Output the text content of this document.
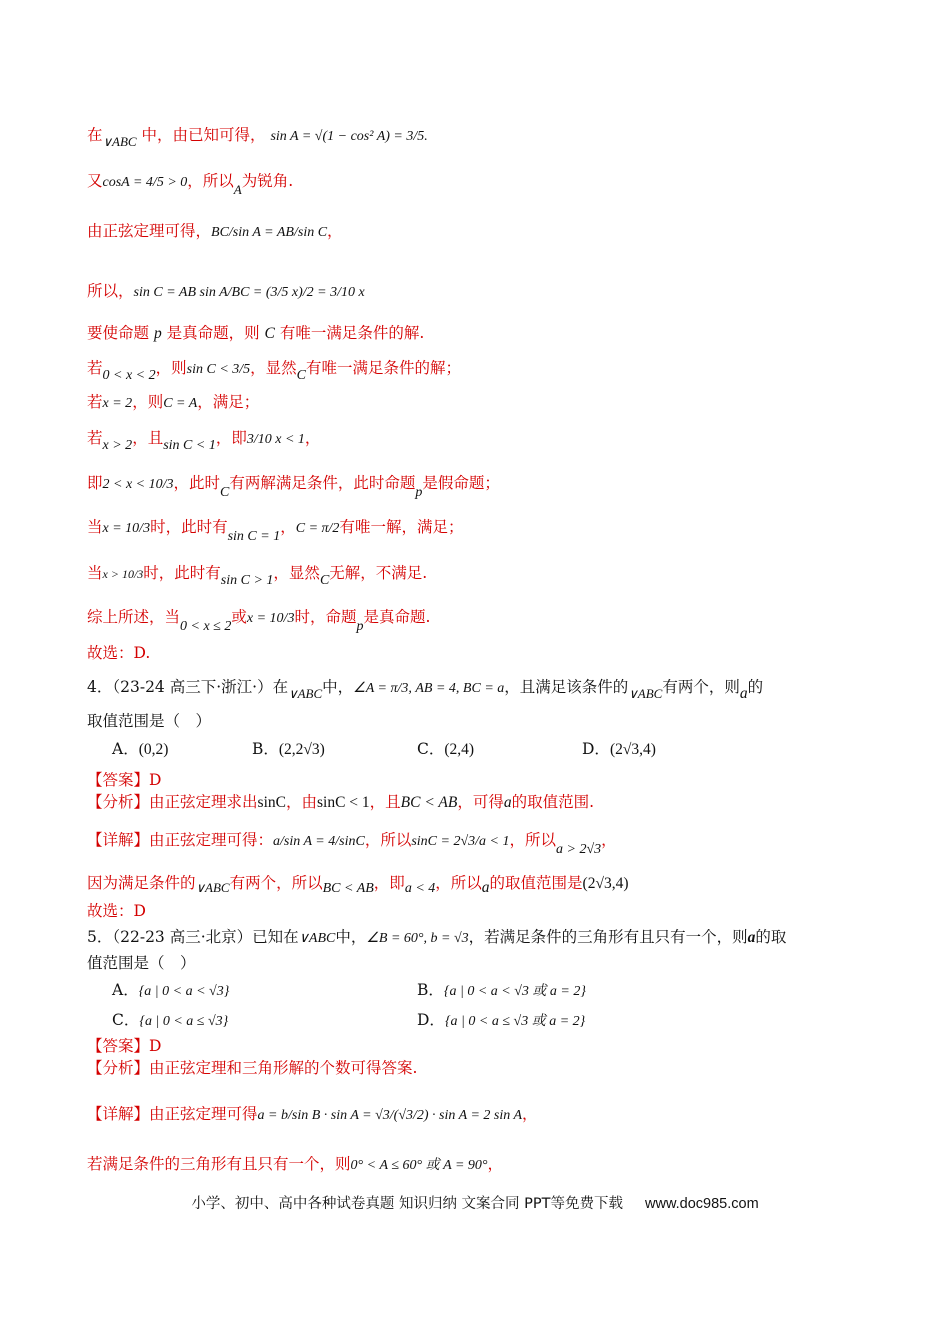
在$_{\vee ABC}$ 中，由已知可得， sin A = √(1 − cos² A) = 3/5.
又cosA = 4/5 > 0，所以$_A$为锐角.
由正弦定理可得，BC/sin A = AB/sin C，
所以，sin C = AB sin A/BC = (3/5 x)/2 = 3/10 x
要使命题 p 是真命题，则 C 有唯一满足条件的解.
若0 < x < 2，则sin C < 3/5，显然C有唯一满足条件的解；
若x = 2，则C = A，满足；
若x > 2，且sin C < 1，即3/10 x < 1，
即2 < x < 10/3，此时C有两解满足条件，此时命题p是假命题；
当x = 10/3时，此时有sin C = 1，C = π/2有唯一解，满足；
当x > 10/3时，此时有sin C > 1，显然C无解，不满足.
综上所述，当0 < x ≤ 2或x = 10/3时，命题p是真命题.
故选：D.
4．（23-24 高三下·浙江·）在$_{\vee ABC}$中，∠A = π/3, AB = 4, BC = a，且满足该条件的$_{\vee ABC}$有两个，则a的
取值范围是（　）
A．(0,2)	B．(2,2√3)	C．(2,4)	D．(2√3,4)
【答案】D
【分析】由正弦定理求出sinC，由sinC < 1，且BC < AB，可得a的取值范围.
【详解】由正弦定理可得：a/sin A = 4/sinC，所以sinC = 2√3/a < 1，所以a > 2√3，
因为满足条件的$_{\vee ABC}$有两个，所以BC < AB，即a < 4，所以a的取值范围是(2√3,4)
故选：D
5．（22-23 高三·北京）已知在∨ABC中，∠B = 60°, b = √3，若满足条件的三角形有且只有一个，则a的取
值范围是（　）
A．{a | 0 < a < √3}	B．{a | 0 < a < √3 或 a = 2}
C．{a | 0 < a ≤ √3}	D．{a | 0 < a ≤ √3 或 a = 2}
【答案】D
【分析】由正弦定理和三角形解的个数可得答案.
【详解】由正弦定理可得a = b/sin B · sin A = √3/(√3/2) · sin A = 2 sin A，
若满足条件的三角形有且只有一个，则0° < A ≤ 60° 或 A = 90°，
小学、初中、高中各种试卷真题 知识归纳 文案合同 PPT等免费下载 www.doc985.com
